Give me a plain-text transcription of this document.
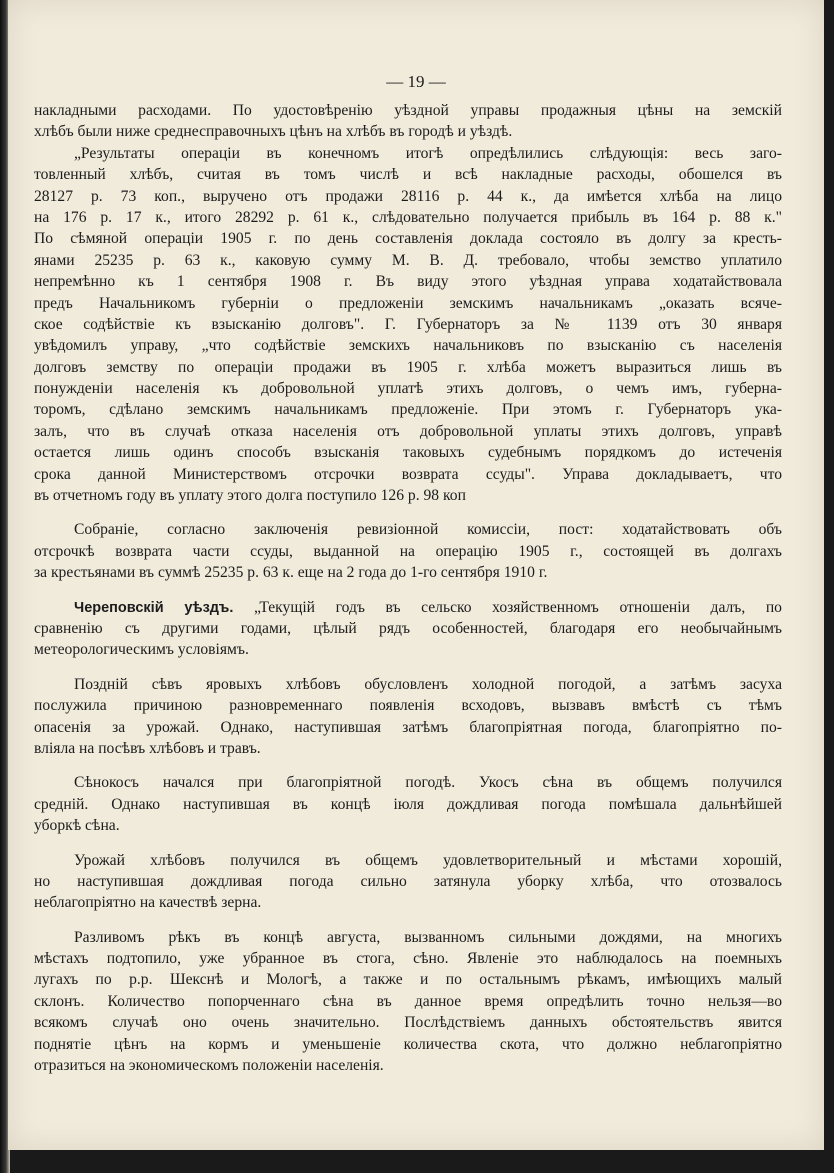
— 19 —
накладными расходами. По удостовѣренію уѣздной управы продажныя цѣны на земскій
хлѣбъ были ниже среднесправочныхъ цѣнъ на хлѣбъ въ городѣ и уѣздѣ.
„Результаты операціи въ конечномъ итогѣ опредѣлились слѣдующія: весь заго-
товленный хлѣбъ, считая въ томъ числѣ и всѣ накладные расходы, обошелся въ
28127 р. 73 коп., выручено отъ продажи 28116 р. 44 к., да имѣется хлѣба на лицо
на 176 р. 17 к., итого 28292 р. 61 к., слѣдовательно получается прибыль въ 164 р. 88 к."
По сѣмяной операціи 1905 г. по день составленія доклада состояло въ долгу за кресть-
янами 25235 р. 63 к., каковую сумму М. В. Д. требовало, чтобы земство уплатило
непремѣнно къ 1 сентября 1908 г. Въ виду этого уѣздная управа ходатайствовала
предъ Начальникомъ губерніи о предложеніи земскимъ начальникамъ „оказать всяче-
ское содѣйствіе къ взысканію долговъ". Г. Губернаторъ за № 1139 отъ 30 января
увѣдомилъ управу, „что содѣйствіе земскихъ начальниковъ по взысканію съ населенія
долговъ земству по операціи продажи въ 1905 г. хлѣба можетъ выразиться лишь въ
понужденіи населенія къ добровольной уплатѣ этихъ долговъ, о чемъ имъ, губерна-
торомъ, сдѣлано земскимъ начальникамъ предложеніе. При этомъ г. Губернаторъ ука-
залъ, что въ случаѣ отказа населенія отъ добровольной уплаты этихъ долговъ, управѣ
остается лишь одинъ способъ взысканія таковыхъ судебнымъ порядкомъ до истеченія
срока данной Министерствомъ отсрочки возврата ссуды". Управа докладываетъ, что
въ отчетномъ году въ уплату этого долга поступило 126 р. 98 коп
Собраніе, согласно заключенія ревизіонной комиссіи, пост: ходатайствовать объ
отсрочкѣ возврата части ссуды, выданной на операцію 1905 г., состоящей въ долгахъ
за крестьянами въ суммѣ 25235 р. 63 к. еще на 2 года до 1-го сентября 1910 г.
Череповскій уѣздъ. „Текущій годъ въ сельско хозяйственномъ отношеніи далъ, по
сравненію съ другими годами, цѣлый рядъ особенностей, благодаря его необычайнымъ
метеорологическимъ условіямъ.
Поздній сѣвъ яровыхъ хлѣбовъ обусловленъ холодной погодой, а затѣмъ засуха
послужила причиною разновременнаго появленія всходовъ, вызвавъ вмѣстѣ съ тѣмъ
опасенія за урожай. Однако, наступившая затѣмъ благопріятная погода, благопріятно по-
вліяла на посѣвъ хлѣбовъ и травъ.
Сѣнокосъ начался при благопріятной погодѣ. Укосъ сѣна въ общемъ получился
средній. Однако наступившая въ концѣ іюля дождливая погода помѣшала дальнѣйшей
уборкѣ сѣна.
Урожай хлѣбовъ получился въ общемъ удовлетворительный и мѣстами хорошій,
но наступившая дождливая погода сильно затянула уборку хлѣба, что отозвалось
неблагопріятно на качествѣ зерна.
Разливомъ рѣкъ въ концѣ августа, вызванномъ сильными дождями, на многихъ
мѣстахъ подтопило, уже убранное въ стога, сѣно. Явленіе это наблюдалось на поемныхъ
лугахъ по р.р. Шекснѣ и Мологѣ, а также и по остальнымъ рѣкамъ, имѣющихъ малый
склонъ. Количество попорченнаго сѣна въ данное время опредѣлить точно нельзя—во
всякомъ случаѣ оно очень значительно. Послѣдствіемъ данныхъ обстоятельствъ явится
поднятіе цѣнъ на кормъ и уменьшеніе количества скота, что должно неблагопріятно
отразиться на экономическомъ положеніи населенія.
